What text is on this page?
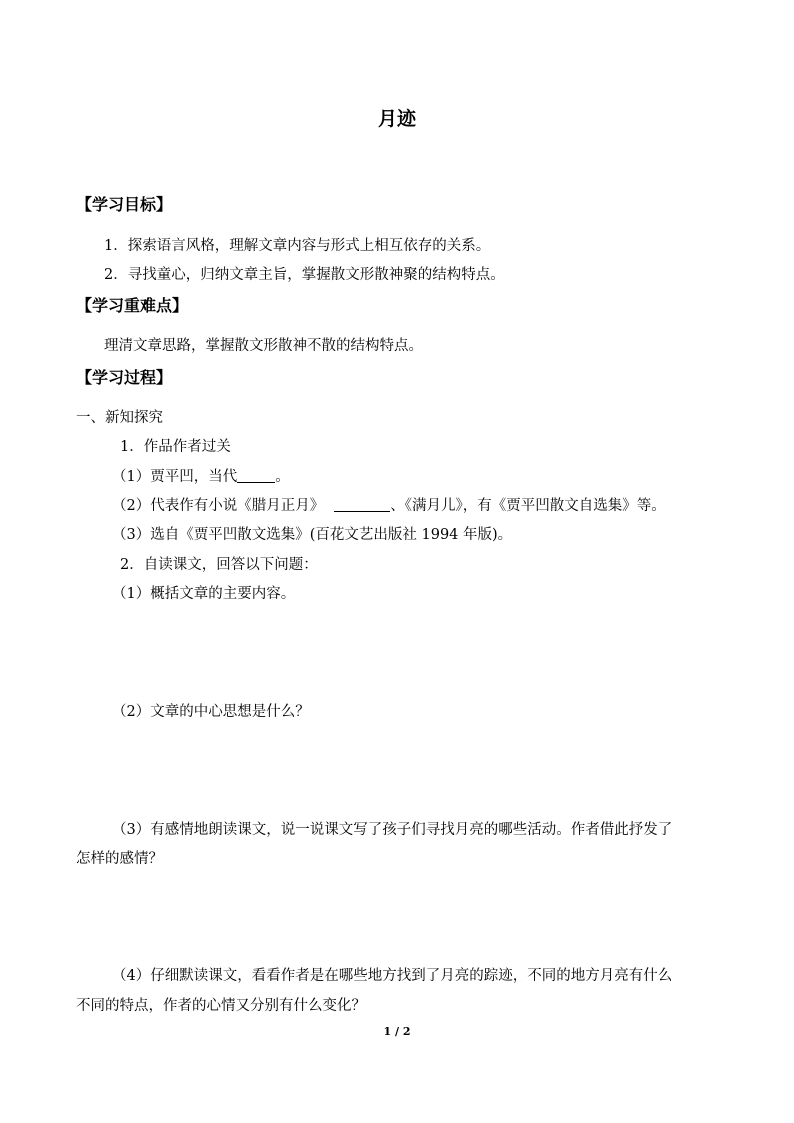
月迹
【学习目标】
1．探索语言风格，理解文章内容与形式上相互依存的关系。
2．寻找童心，归纳文章主旨，掌握散文形散神聚的结构特点。
【学习重难点】
理清文章思路，掌握散文形散神不散的结构特点。
【学习过程】
一、新知探究
1．作品作者过关
（1）贾平凹，当代	。
（2）代表作有小说《腊月正月》	、《满月儿》，有《贾平凹散文自选集》等。
（3）选自《贾平凹散文选集》(百花文艺出版社 1994 年版)。
2．自读课文，回答以下问题：
（1）概括文章的主要内容。
（2）文章的中心思想是什么？
（3）有感情地朗读课文，说一说课文写了孩子们寻找月亮的哪些活动。作者借此抒发了
怎样的感情？
（4）仔细默读课文，看看作者是在哪些地方找到了月亮的踪迹，不同的地方月亮有什么
不同的特点，作者的心情又分别有什么变化？
1 / 2
